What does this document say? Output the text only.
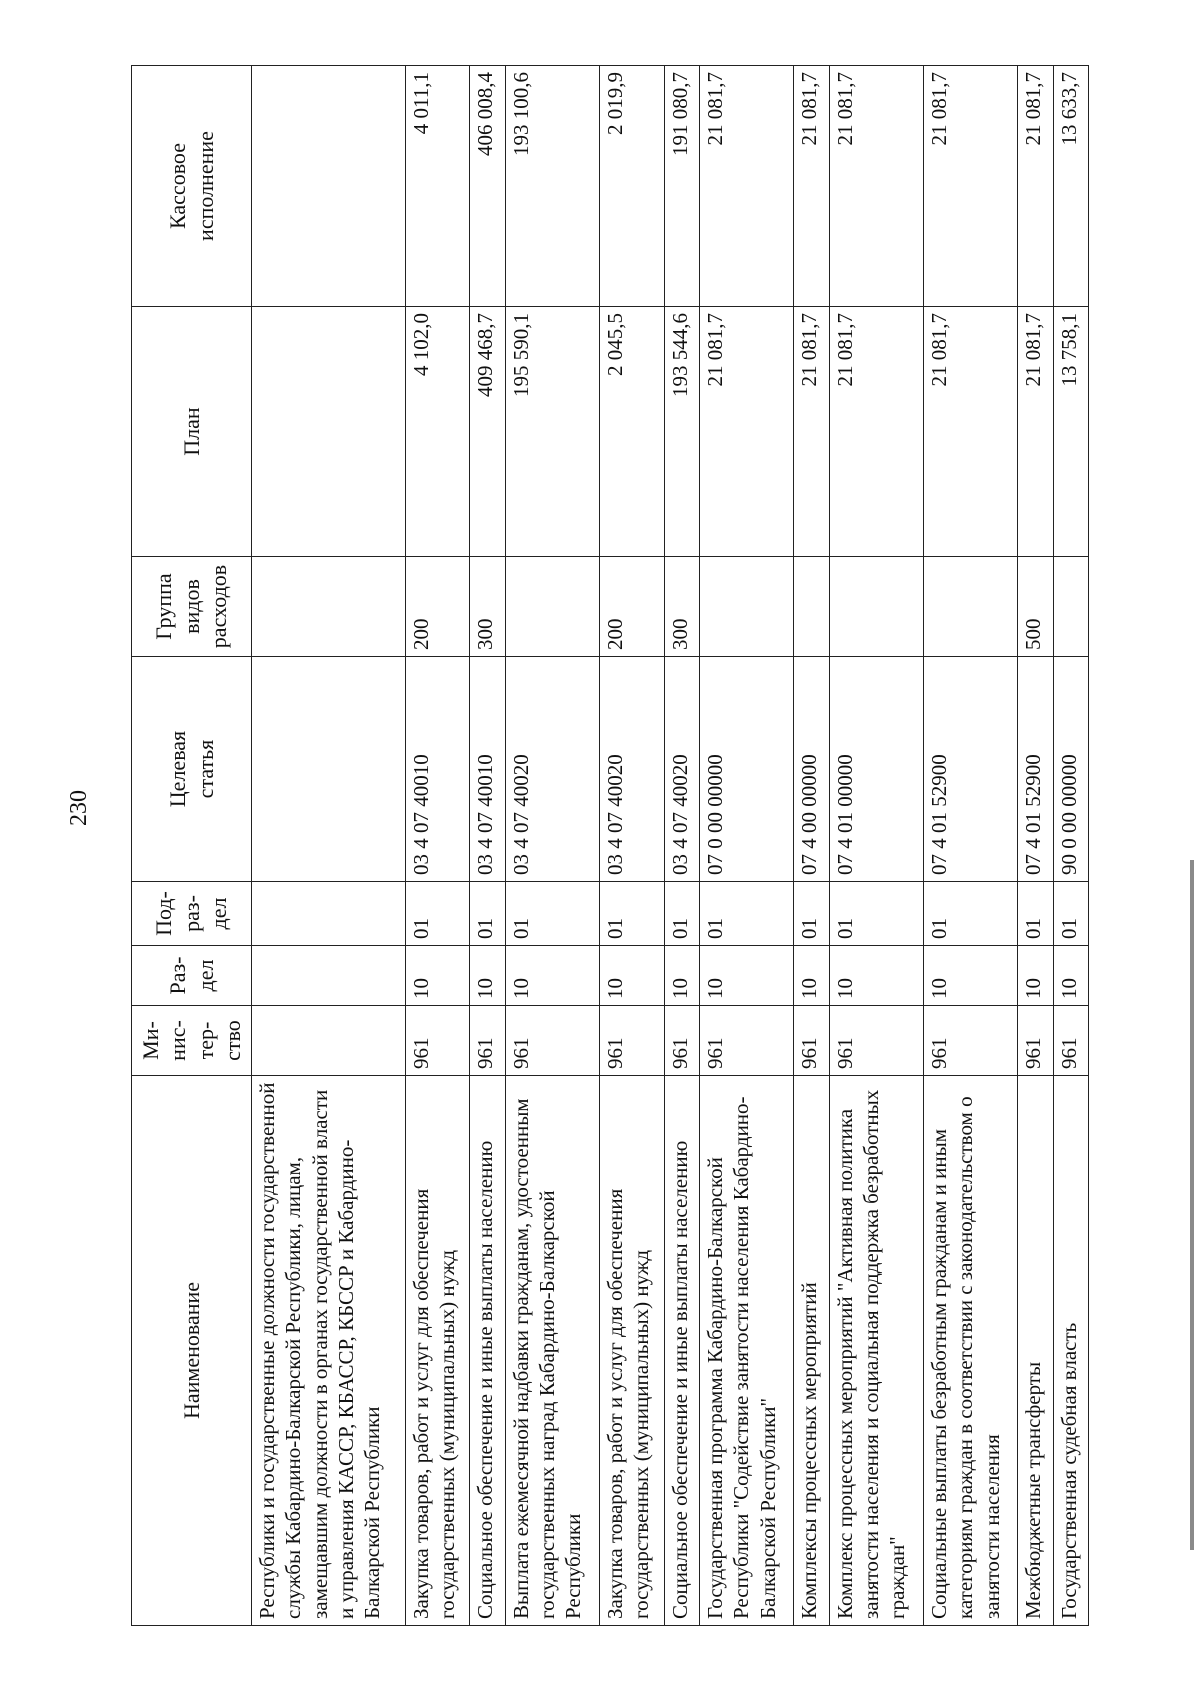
230
Наименование	Ми-
нис-
тер-
ство	Раз-
дел	Под-
раз-
дел	Целевая
статья	Группа
видов
расходов	План	Кассовое
исполнение
Республики и государственные должности государственной службы Кабардино-Балкарской Республики, лицам, замещавшим должности в органах государственной власти и управления КАССР, КБАССР, КБССР и Кабардино-Балкарской Республики							
Закупка товаров, работ и услуг для обеспечения государственных (муниципальных) нужд	961	10	01	03 4 07 40010	200	4 102,0	4 011,1
Социальное обеспечение и иные выплаты населению	961	10	01	03 4 07 40010	300	409 468,7	406 008,4
Выплата ежемесячной надбавки гражданам, удостоенным государственных наград Кабардино-Балкарской Республики	961	10	01	03 4 07 40020		195 590,1	193 100,6
Закупка товаров, работ и услуг для обеспечения государственных (муниципальных) нужд	961	10	01	03 4 07 40020	200	2 045,5	2 019,9
Социальное обеспечение и иные выплаты населению	961	10	01	03 4 07 40020	300	193 544,6	191 080,7
Государственная программа Кабардино-Балкарской Республики "Содействие занятости населения Кабардино-Балкарской Республики"	961	10	01	07 0 00 00000		21 081,7	21 081,7
Комплексы процессных мероприятий	961	10	01	07 4 00 00000		21 081,7	21 081,7
Комплекс процессных мероприятий "Активная политика занятости населения и социальная поддержка безработных граждан"	961	10	01	07 4 01 00000		21 081,7	21 081,7
Социальные выплаты безработным гражданам и иным категориям граждан в соответствии с законодательством о занятости населения	961	10	01	07 4 01 52900		21 081,7	21 081,7
Межбюджетные трансферты	961	10	01	07 4 01 52900	500	21 081,7	21 081,7
Государственная судебная власть	961	10	01	90 0 00 00000		13 758,1	13 633,7
